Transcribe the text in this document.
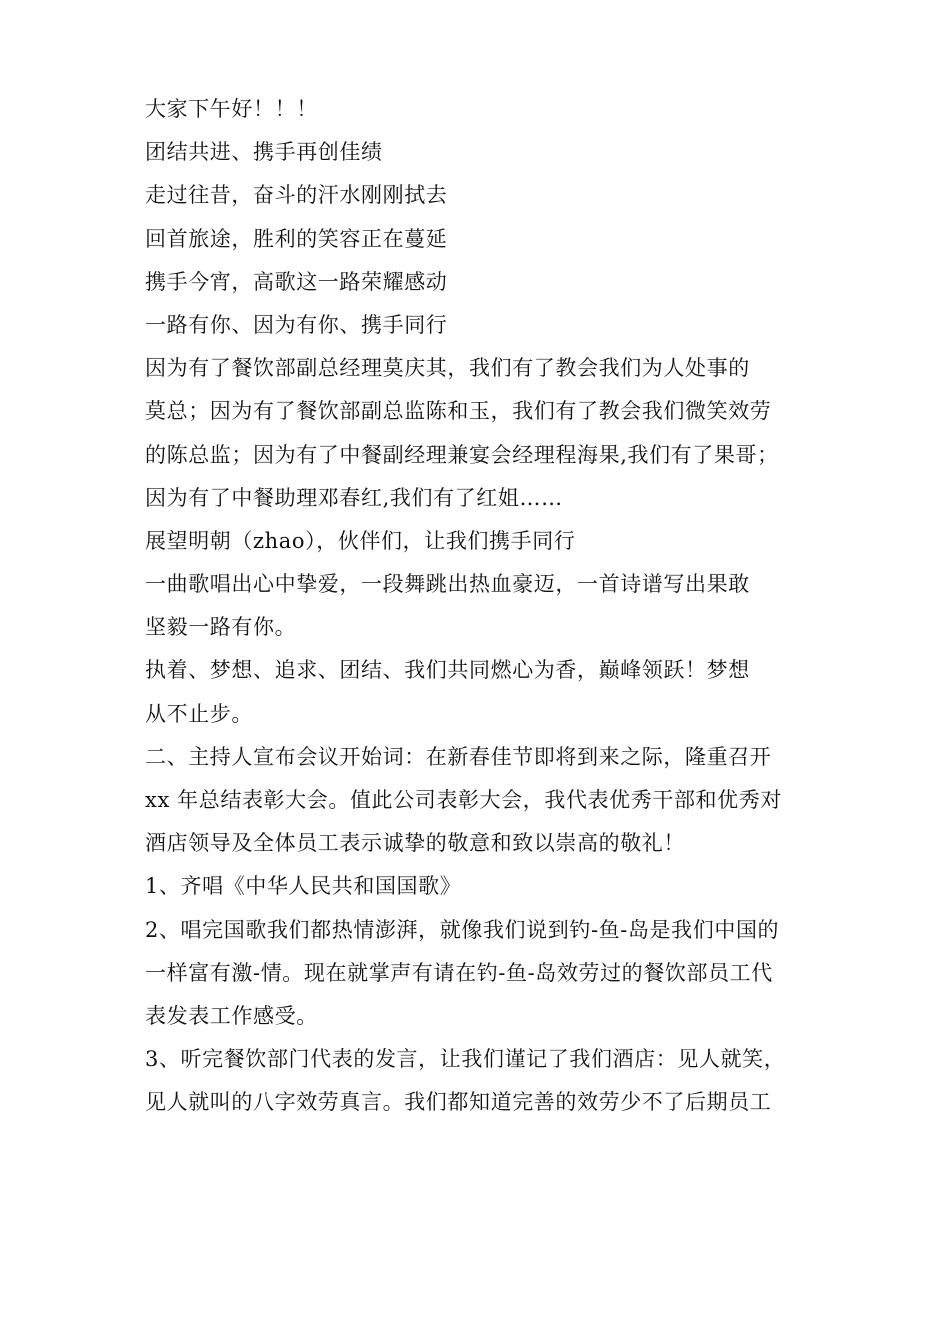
大家下午好！！！
团结共进、携手再创佳绩
走过往昔，奋斗的汗水刚刚拭去
回首旅途，胜利的笑容正在蔓延
携手今宵，高歌这一路荣耀感动
一路有你、因为有你、携手同行
因为有了餐饮部副总经理莫庆其，我们有了教会我们为人处事的
莫总；因为有了餐饮部副总监陈和玉，我们有了教会我们微笑效劳
的陈总监；因为有了中餐副经理兼宴会经理程海果,我们有了果哥；
因为有了中餐助理邓春红,我们有了红姐……
展望明朝（zhao），伙伴们，让我们携手同行
一曲歌唱出心中挚爱，一段舞跳出热血豪迈，一首诗谱写出果敢
坚毅一路有你。
执着、梦想、追求、团结、我们共同燃心为香，巅峰领跃！梦想
从不止步。
二、主持人宣布会议开始词：在新春佳节即将到来之际，隆重召开
xx 年总结表彰大会。值此公司表彰大会，我代表优秀干部和优秀对
酒店领导及全体员工表示诚挚的敬意和致以崇高的敬礼！
1、齐唱《中华人民共和国国歌》
2、唱完国歌我们都热情澎湃，就像我们说到钓-鱼-岛是我们中国的
一样富有激-情。现在就掌声有请在钓-鱼-岛效劳过的餐饮部员工代
表发表工作感受。
3、听完餐饮部门代表的发言，让我们谨记了我们酒店：见人就笑，
见人就叫的八字效劳真言。我们都知道完善的效劳少不了后期员工
